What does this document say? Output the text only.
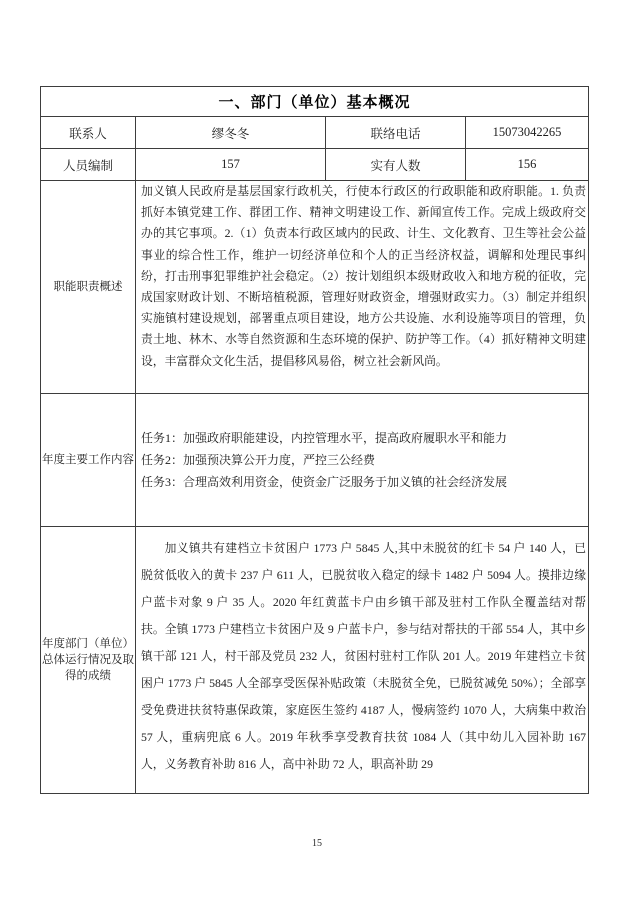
一、部门（单位）基本概况			
联系人	缪冬冬	联络电话	15073042265
人员编制	157	实有人数	156
职能职责概述	加义镇人民政府是基层国家行政机关，行使本行政区的行政职能和政府职能。1. 负责抓好本镇党建工作、群团工作、精神文明建设工作、新闻宣传工作。完成上级政府交办的其它事项。2.（1）负责本行政区域内的民政、计生、文化教育、卫生等社会公益事业的综合性工作，维护一切经济单位和个人的正当经济权益，调解和处理民事纠纷，打击刑事犯罪维护社会稳定。（2）按计划组织本级财政收入和地方税的征收，完成国家财政计划、不断培植税源，管理好财政资金，增强财政实力。（3）制定并组织实施镇村建设规划，部署重点项目建设，地方公共设施、水利设施等项目的管理，负责土地、林木、水等自然资源和生态环境的保护、防护等工作。（4）抓好精神文明建设，丰富群众文化生活，提倡移风易俗，树立社会新风尚。		
年度主要工作内容	任务1：加强政府职能建设，内控管理水平，提高政府履职水平和能力
任务2：加强预决算公开力度，严控三公经费
任务3：合理高效利用资金，使资金广泛服务于加义镇的社会经济发展		

年度部门（单位）总体运行情况及取得的成绩	加义镇共有建档立卡贫困户 1773 户 5845 人,其中未脱贫的红卡 54 户 140 人，已脱贫低收入的黄卡 237 户 611 人，已脱贫收入稳定的绿卡 1482 户 5094 人。摸排边缘户蓝卡对象 9 户 35 人。2020 年红黄蓝卡户由乡镇干部及驻村工作队全覆盖结对帮扶。全镇 1773 户建档立卡贫困户及 9 户蓝卡户，参与结对帮扶的干部 554 人，其中乡镇干部 121 人，村干部及党员 232 人，贫困村驻村工作队 201 人。2019 年建档立卡贫困户 1773 户 5845 人全部享受医保补贴政策（未脱贫全免，已脱贫减免 50%）；全部享受免费进扶贫特惠保政策，家庭医生签约 4187 人，慢病签约 1070 人，大病集中救治 57 人，重病兜底 6 人。2019 年秋季享受教育扶贫 1084 人（其中幼儿入园补助 167 人，义务教育补助 816 人，高中补助 72 人，职高补助 29		
15
